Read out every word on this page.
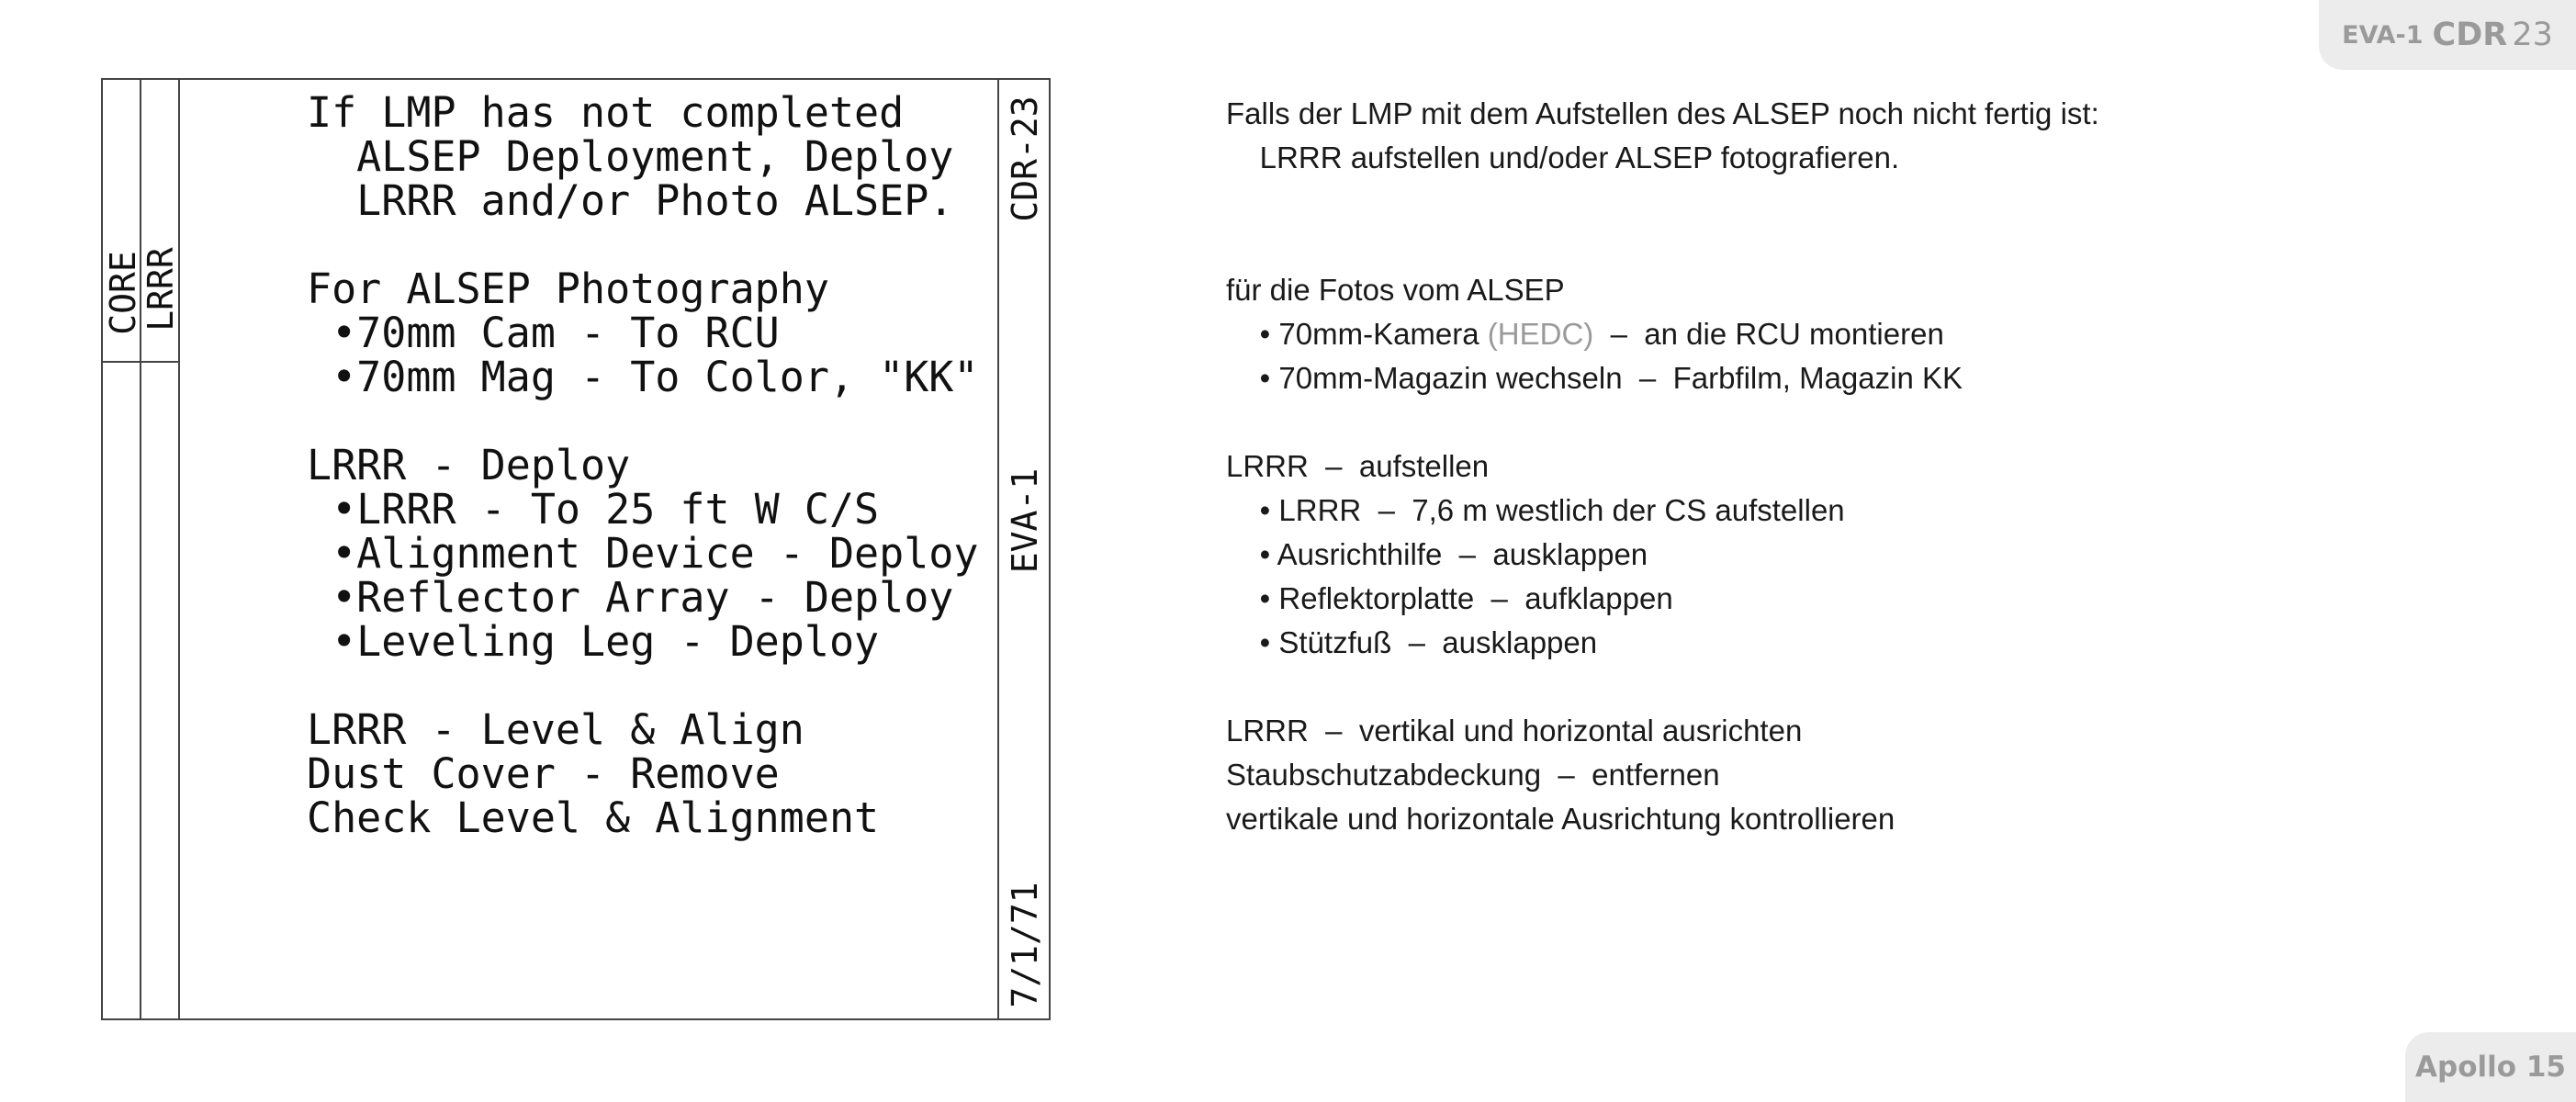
EVA-1 CDR 23
Apollo 15
CORE
LRRR
CDR-23
EVA-1
7/1/71
If LMP has not completed
ALSEP Deployment, Deploy
LRRR and/or Photo ALSEP.
For ALSEP Photography
•70mm Cam - To RCU
•70mm Mag - To Color, "KK"
LRRR - Deploy
•LRRR - To 25 ft W C/S
•Alignment Device - Deploy
•Reflector Array - Deploy
•Leveling Leg - Deploy
LRRR - Level & Align
Dust Cover - Remove
Check Level & Alignment
Falls der LMP mit dem Aufstellen des ALSEP noch nicht fertig ist:
LRRR aufstellen und/oder ALSEP fotografieren.
für die Fotos vom ALSEP
• 70mm-Kamera (HEDC)  –  an die RCU montieren
• 70mm-Magazin wechseln  –  Farbfilm, Magazin KK
LRRR  –  aufstellen
• LRRR  –  7,6 m westlich der CS aufstellen
• Ausrichthilfe  –  ausklappen
• Reflektorplatte  –  aufklappen
• Stützfuß  –  ausklappen
LRRR  –  vertikal und horizontal ausrichten
Staubschutzabdeckung  –  entfernen
vertikale und horizontale Ausrichtung kontrollieren
